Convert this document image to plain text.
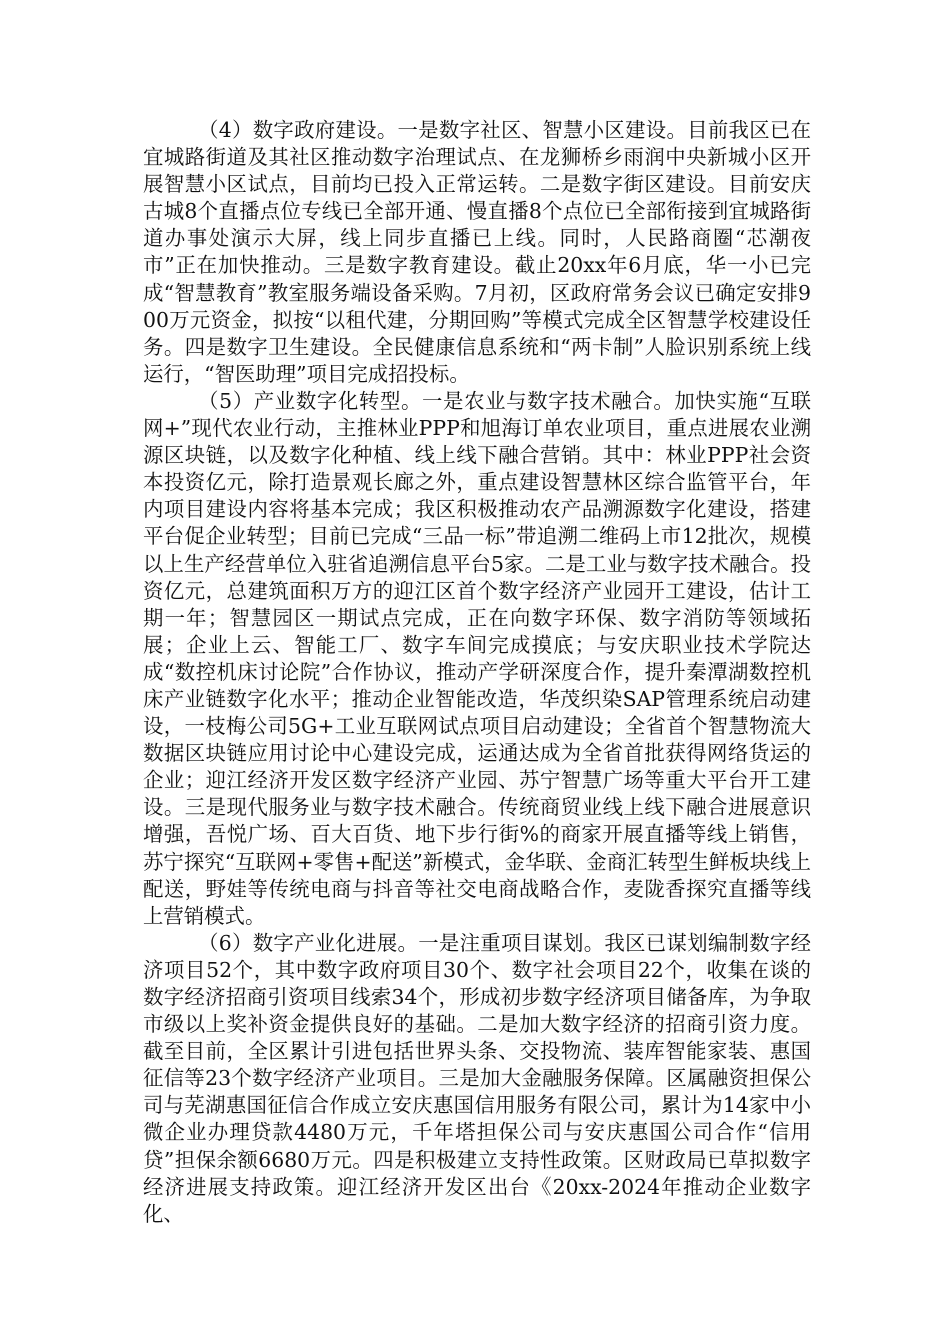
（4）数字政府建设。一是数字社区、智慧小区建设。目前我区已在宜城路街道及其社区推动数字治理试点、在龙狮桥乡雨润中央新城小区开展智慧小区试点，目前均已投入正常运转。二是数字街区建设。目前安庆古城8个直播点位专线已全部开通、慢直播8个点位已全部衔接到宜城路街道办事处演示大屏，线上同步直播已上线。同时，人民路商圈“芯潮夜市”正在加快推动。三是数字教育建设。截止20xx年6月底，华一小已完成“智慧教育”教室服务端设备采购。7月初，区政府常务会议已确定安排900万元资金，拟按“以租代建，分期回购”等模式完成全区智慧学校建设任务。四是数字卫生建设。全民健康信息系统和“两卡制”人脸识别系统上线运行，“智医助理”项目完成招投标。

（5）产业数字化转型。一是农业与数字技术融合。加快实施“互联网+”现代农业行动，主推林业PPP和旭海订单农业项目，重点进展农业溯源区块链，以及数字化种植、线上线下融合营销。其中：林业PPP社会资本投资亿元，除打造景观长廊之外，重点建设智慧林区综合监管平台，年内项目建设内容将基本完成；我区积极推动农产品溯源数字化建设，搭建平台促企业转型；目前已完成“三品一标”带追溯二维码上市12批次，规模以上生产经营单位入驻省追溯信息平台5家。二是工业与数字技术融合。投资亿元，总建筑面积万方的迎江区首个数字经济产业园开工建设，估计工期一年；智慧园区一期试点完成，正在向数字环保、数字消防等领域拓展；企业上云、智能工厂、数字车间完成摸底；与安庆职业技术学院达成“数控机床讨论院”合作协议，推动产学研深度合作，提升秦潭湖数控机床产业链数字化水平；推动企业智能改造，华茂织染SAP管理系统启动建设，一枝梅公司5G+工业互联网试点项目启动建设；全省首个智慧物流大数据区块链应用讨论中心建设完成，运通达成为全省首批获得网络货运的企业；迎江经济开发区数字经济产业园、苏宁智慧广场等重大平台开工建设。三是现代服务业与数字技术融合。传统商贸业线上线下融合进展意识增强，吾悦广场、百大百货、地下步行街%的商家开展直播等线上销售，苏宁探究“互联网+零售+配送”新模式，金华联、金商汇转型生鲜板块线上配送，野娃等传统电商与抖音等社交电商战略合作，麦陇香探究直播等线上营销模式。

（6）数字产业化进展。一是注重项目谋划。我区已谋划编制数字经济项目52个，其中数字政府项目30个、数字社会项目22个，收集在谈的数字经济招商引资项目线索34个，形成初步数字经济项目储备库，为争取市级以上奖补资金提供良好的基础。二是加大数字经济的招商引资力度。截至目前，全区累计引进包括世界头条、交投物流、装库智能家装、惠国征信等23个数字经济产业项目。三是加大金融服务保障。区属融资担保公司与芜湖惠国征信合作成立安庆惠国信用服务有限公司，累计为14家中小微企业办理贷款4480万元，千年塔担保公司与安庆惠国公司合作“信用贷”担保余额6680万元。四是积极建立支持性政策。区财政局已草拟数字经济进展支持政策。迎江经济开发区出台《20xx-2024年推动企业数字化、
